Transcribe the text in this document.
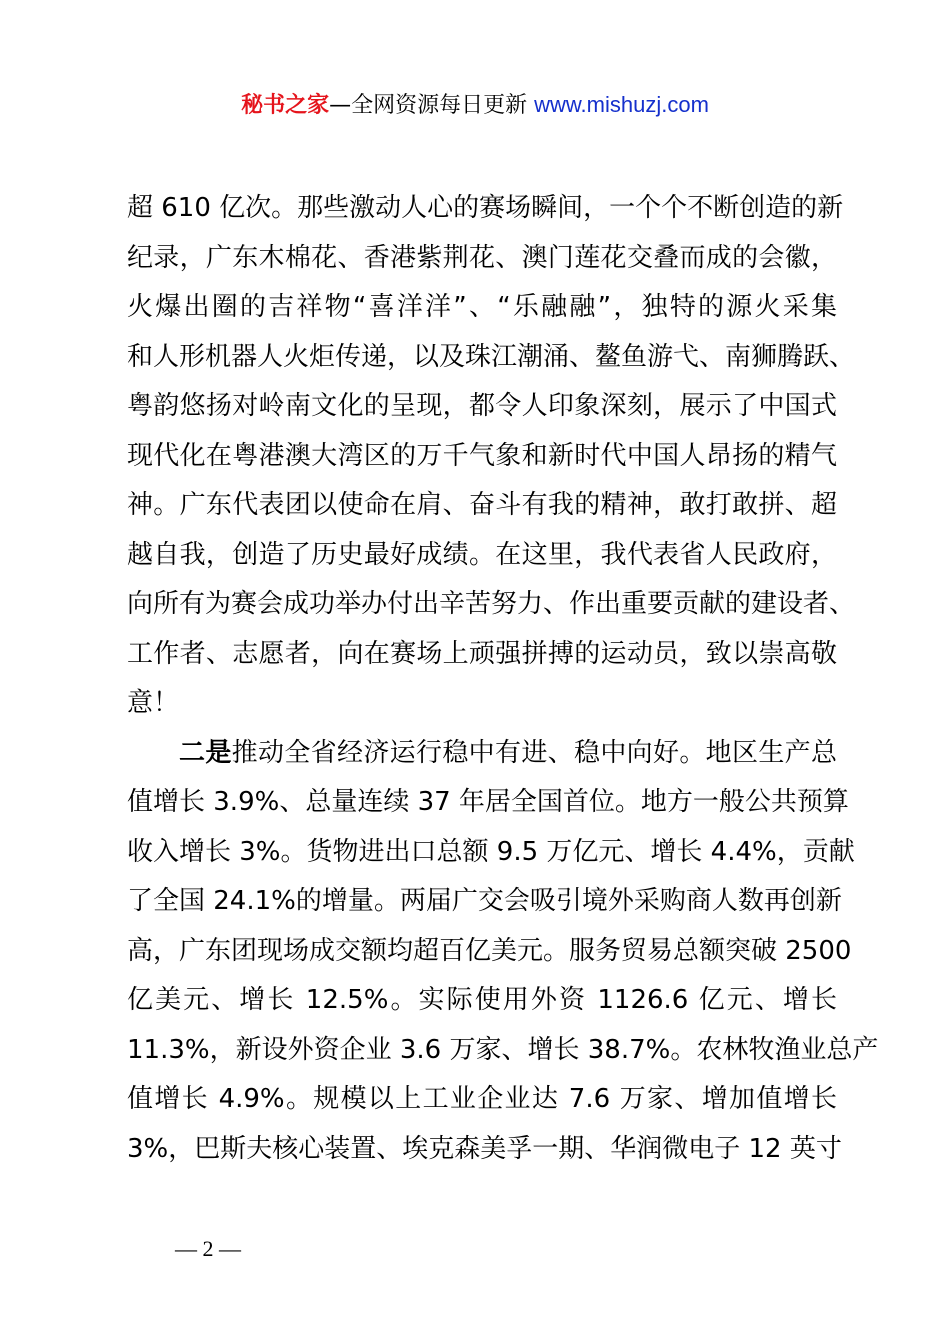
秘书之家—全网资源每日更新 www.mishuzj.com
超 610 亿次。那些激动人心的赛场瞬间，一个个不断创造的新
纪录，广东木棉花、香港紫荆花、澳门莲花交叠而成的会徽，
火爆出圈的吉祥物“喜洋洋”、“乐融融”，独特的源火采集
和人形机器人火炬传递，以及珠江潮涌、鳌鱼游弋、南狮腾跃、
粤韵悠扬对岭南文化的呈现，都令人印象深刻，展示了中国式
现代化在粤港澳大湾区的万千气象和新时代中国人昂扬的精气
神。广东代表团以使命在肩、奋斗有我的精神，敢打敢拼、超
越自我，创造了历史最好成绩。在这里，我代表省人民政府，
向所有为赛会成功举办付出辛苦努力、作出重要贡献的建设者、
工作者、志愿者，向在赛场上顽强拼搏的运动员，致以崇高敬
意！
二是推动全省经济运行稳中有进、稳中向好。地区生产总
值增长 3.9%、总量连续 37 年居全国首位。地方一般公共预算
收入增长 3%。货物进出口总额 9.5 万亿元、增长 4.4%，贡献
了全国 24.1%的增量。两届广交会吸引境外采购商人数再创新
高，广东团现场成交额均超百亿美元。服务贸易总额突破 2500
亿美元、增长 12.5%。实际使用外资 1126.6 亿元、增长
11.3%，新设外资企业 3.6 万家、增长 38.7%。农林牧渔业总产
值增长 4.9%。规模以上工业企业达 7.6 万家、增加值增长
3%，巴斯夫核心装置、埃克森美孚一期、华润微电子 12 英寸
— 2 —
